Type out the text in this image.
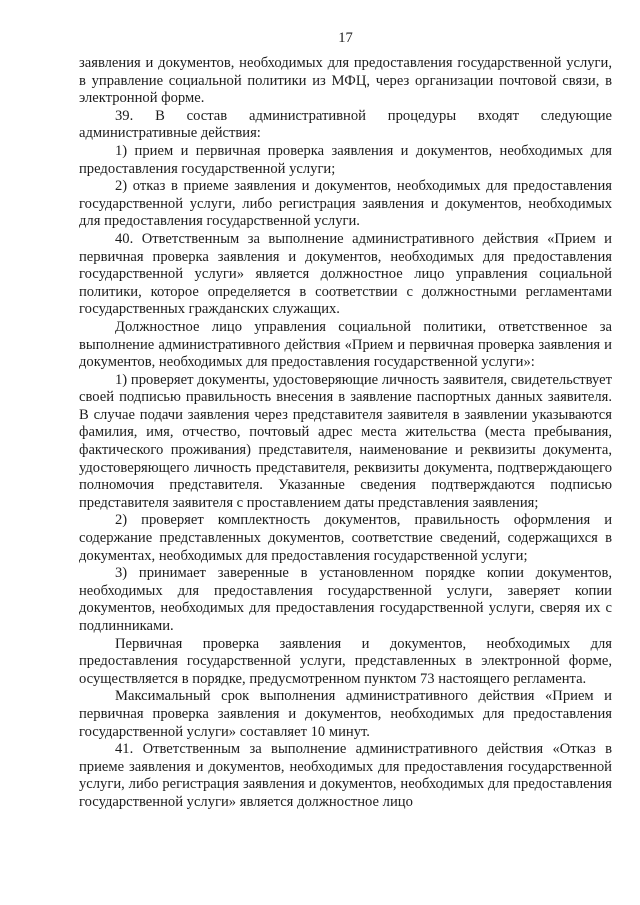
17

заявления и документов, необходимых для предоставления государственной услуги, в управление социальной политики из МФЦ, через организации почтовой связи, в электронной форме.

39. В состав административной процедуры входят следующие административные действия:

1) прием и первичная проверка заявления и документов, необходимых для предоставления государственной услуги;

2) отказ в приеме заявления и документов, необходимых для предоставления государственной услуги, либо регистрация заявления и документов, необходимых для предоставления государственной услуги.

40. Ответственным за выполнение административного действия «Прием и первичная проверка заявления и документов, необходимых для предоставления государственной услуги» является должностное лицо управления социальной политики, которое определяется в соответствии с должностными регламентами государственных гражданских служащих.

Должностное лицо управления социальной политики, ответственное за выполнение административного действия «Прием и первичная проверка заявления и документов, необходимых для предоставления государственной услуги»:

1) проверяет документы, удостоверяющие личность заявителя, свидетельствует своей подписью правильность внесения в заявление паспортных данных заявителя. В случае подачи заявления через представителя заявителя в заявлении указываются фамилия, имя, отчество, почтовый адрес места жительства (места пребывания, фактического проживания) представителя, наименование и реквизиты документа, удостоверяющего личность представителя, реквизиты документа, подтверждающего полномочия представителя. Указанные сведения подтверждаются подписью представителя заявителя с проставлением даты представления заявления;

2) проверяет комплектность документов, правильность оформления и содержание представленных документов, соответствие сведений, содержащихся в документах, необходимых для предоставления государственной услуги;

3) принимает заверенные в установленном порядке копии документов, необходимых для предоставления государственной услуги, заверяет копии документов, необходимых для предоставления государственной услуги, сверяя их с подлинниками.

Первичная проверка заявления и документов, необходимых для предоставления государственной услуги, представленных в электронной форме, осуществляется в порядке, предусмотренном пунктом 73 настоящего регламента.

Максимальный срок выполнения административного действия «Прием и первичная проверка заявления и документов, необходимых для предоставления государственной услуги» составляет 10 минут.

41. Ответственным за выполнение административного действия «Отказ в приеме заявления и документов, необходимых для предоставления государственной услуги, либо регистрация заявления и документов, необходимых для предоставления государственной услуги» является должностное лицо
